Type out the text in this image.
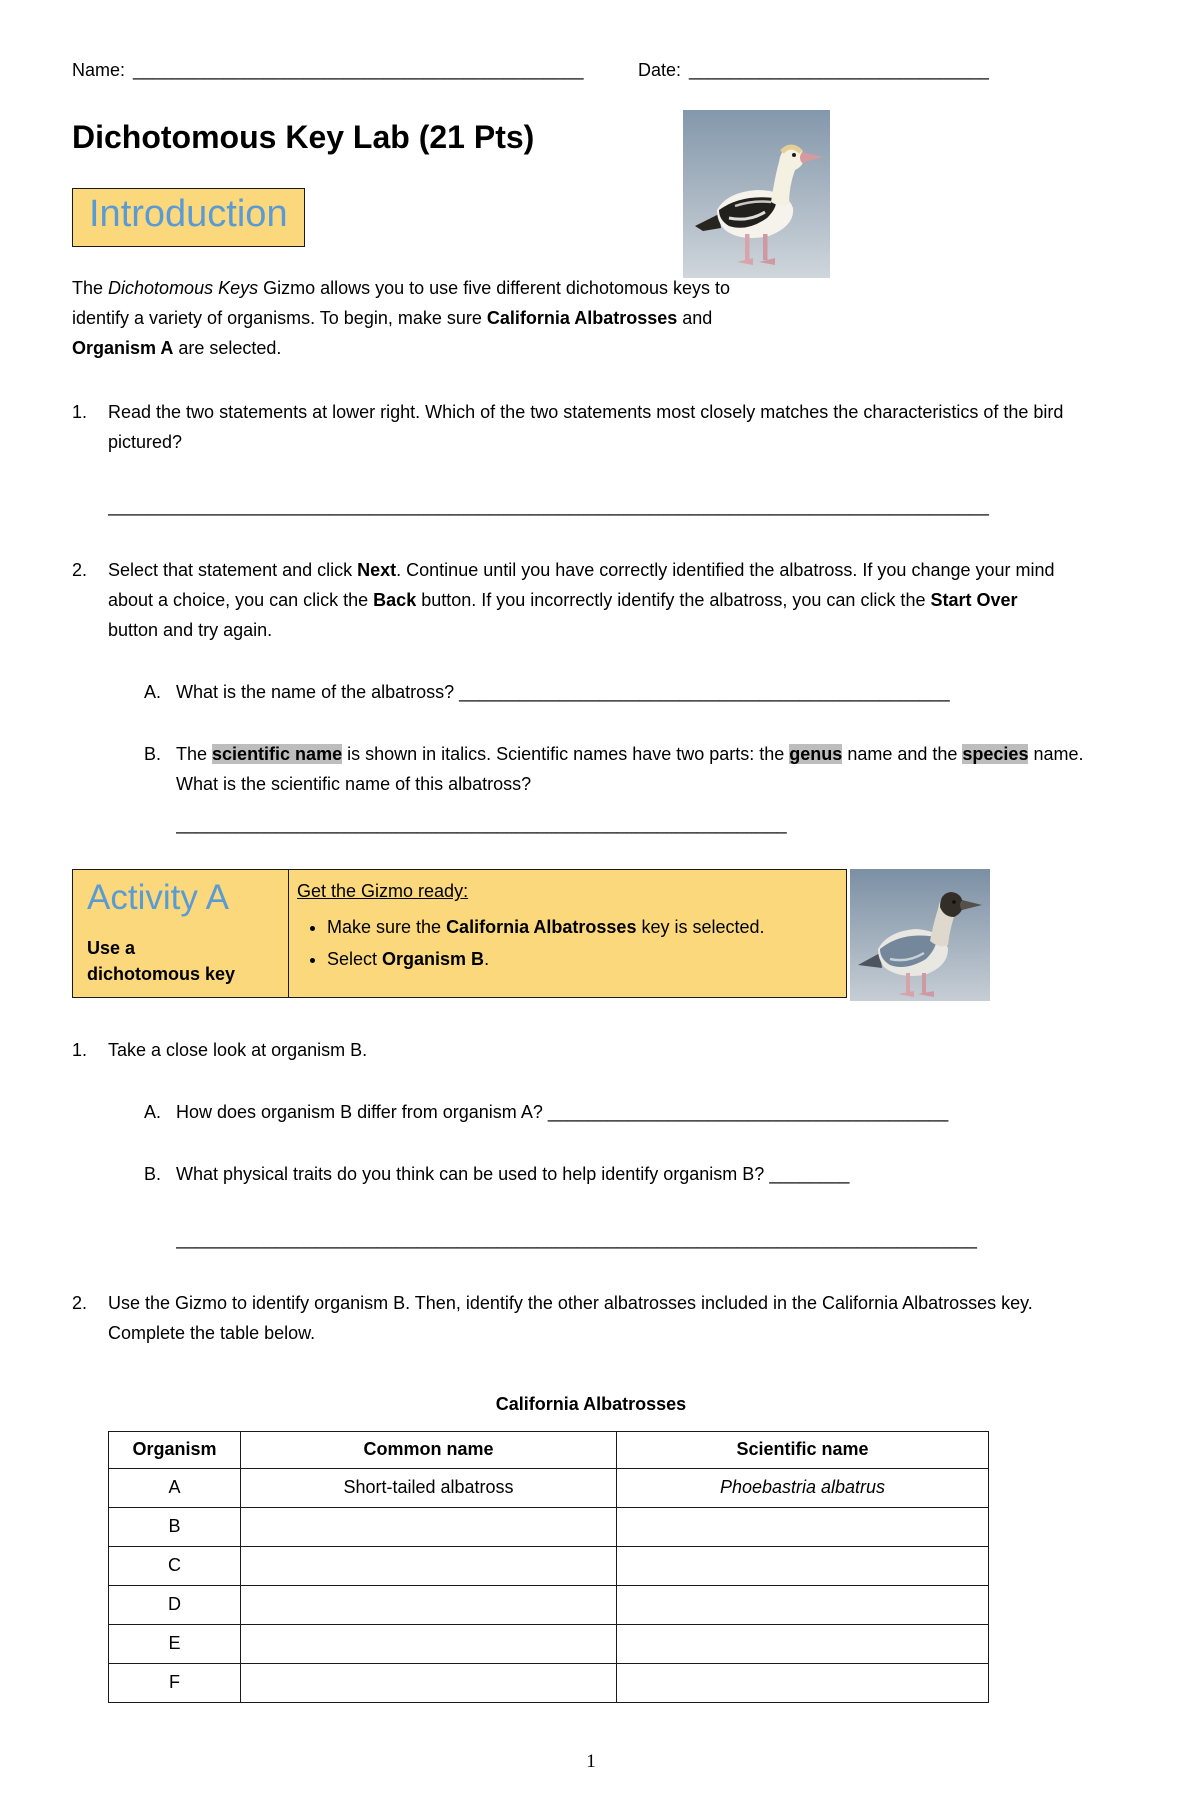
Name: _____________________________________________	Date: ______________________________
Dichotomous Key Lab (21 Pts)
Introduction

The Dichotomous Keys Gizmo allows you to use five different dichotomous keys to identify a variety of organisms. To begin, make sure California Albatrosses and Organism A are selected.

1.	Read the two statements at lower right. Which of the two statements most closely matches the characteristics of the bird pictured?
________________________________________________________________________________________
2.	Select that statement and click Next. Continue until you have correctly identified the albatross. If you change your mind about a choice, you can click the Back button. If you incorrectly identify the albatross, you can click the Start Over button and try again.
A. What is the name of the albatross? _________________________________________________
B. The scientific name is shown in italics. Scientific names have two parts: the genus name and the species name. What is the scientific name of this albatross?
_____________________________________________________________
Activity A
Use a dichotomous key
Get the Gizmo ready:
• Make sure the California Albatrosses key is selected.
• Select Organism B.
1.	Take a close look at organism B.
A. How does organism B differ from organism A? ________________________________________
B. What physical traits do you think can be used to help identify organism B? ________
________________________________________________________________________________
2.	Use the Gizmo to identify organism B. Then, identify the other albatrosses included in the California Albatrosses key. Complete the table below.
California Albatrosses
Organism	Common name	Scientific name
A	Short-tailed albatross	Phoebastria albatrus
B		
C		
D		
E		
F		
1
